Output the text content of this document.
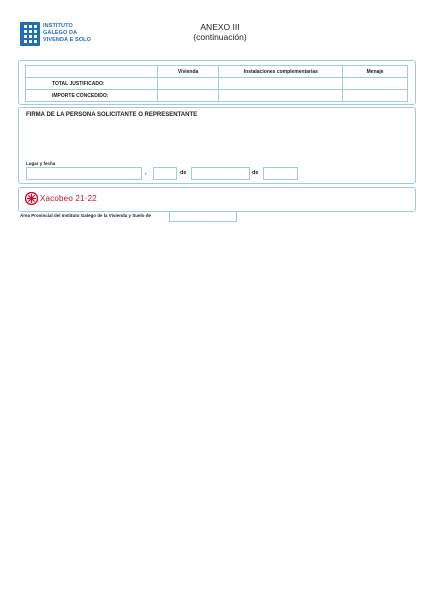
INSTITUTO
GALEGO DA
VIVENDA E SOLO
ANEXO III
(continuación)
	Vivienda	Instalaciones complementarias	Menaje
TOTAL JUSTIFICADO:			
IMPORTE CONCEDIDO:			
FIRMA DE LA PERSONA SOLICITANTE O REPRESENTANTE
Lugar y fecha
,	de	de
Xacobeo 21·22
Área Provincial del Instituto Galego de la Vivienda y Suelo de
